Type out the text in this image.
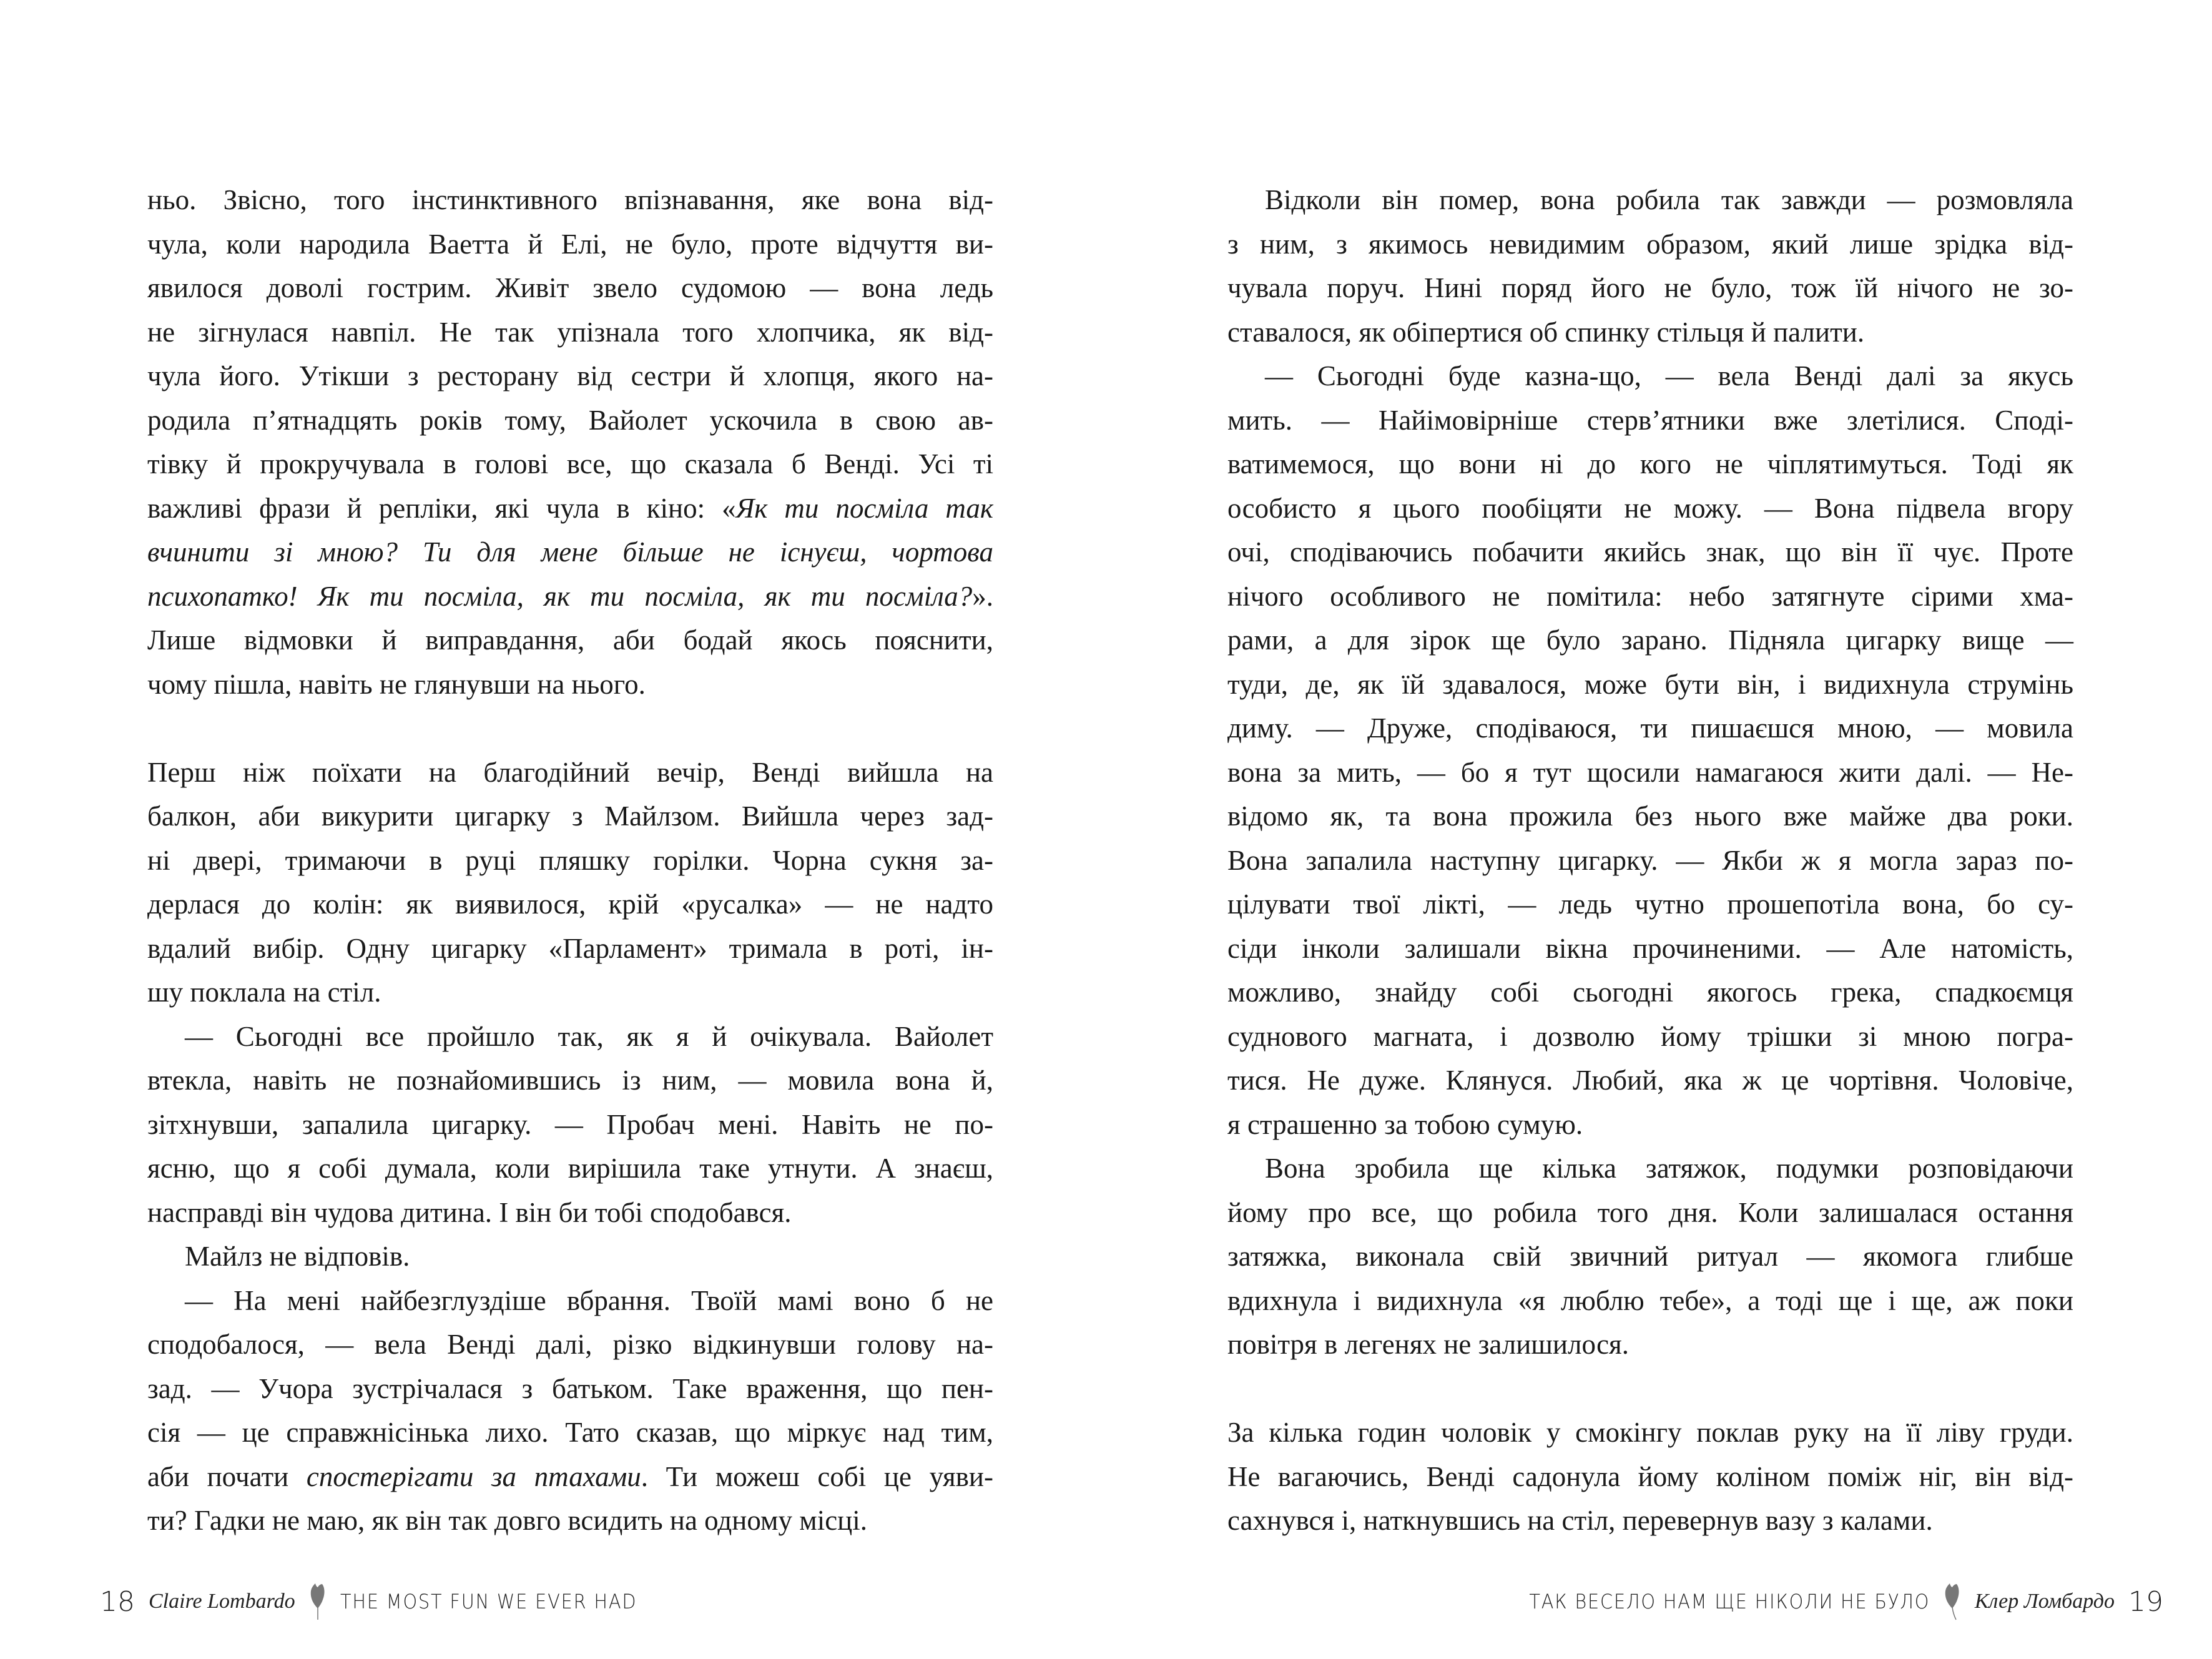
ньо. Звісно, того інстинктивного впізнавання, яке вона від-
чула, коли народила Ваетта й Елі, не було, проте відчуття ви-
явилося доволі гострим. Живіт звело судомою — вона ледь
не зігнулася навпіл. Не так упізнала того хлопчика, як від-
чула його. Утікши з ресторану від сестри й хлопця, якого на-
родила п’ятнадцять років тому, Вайолет ускочила в свою ав-
тівку й прокручувала в голові все, що сказала б Венді. Усі ті
важливі фрази й репліки, які чула в кіно: «Як ти посміла так
вчинити зі мною? Ти для мене більше не існуєш, чортова
психопатко! Як ти посміла, як ти посміла, як ти посміла?».
Лише відмовки й виправдання, аби бодай якось пояснити,
чому пішла, навіть не глянувши на нього.
Перш ніж поїхати на благодійний вечір, Венді вийшла на
балкон, аби викурити цигарку з Майлзом. Вийшла через зад-
ні двері, тримаючи в руці пляшку горілки. Чорна сукня за-
дерлася до колін: як виявилося, крій «русалка» — не надто
вдалий вибір. Одну цигарку «Парламент» тримала в роті, ін-
шу поклала на стіл.
— Сьогодні все пройшло так, як я й очікувала. Вайолет
втекла, навіть не познайомившись із ним, — мовила вона й,
зітхнувши, запалила цигарку. — Пробач мені. Навіть не по-
ясню, що я собі думала, коли вирішила таке утнути. А знаєш,
насправді він чудова дитина. І він би тобі сподобався.
Майлз не відповів.
— На мені найбезглуздіше вбрання. Твоїй мамі воно б не
сподобалося, — вела Венді далі, різко відкинувши голову на-
зад. — Учора зустрічалася з батьком. Таке враження, що пен-
сія — це справжнісінька лихо. Тато сказав, що міркує над тим,
аби почати спостерігати за птахами. Ти можеш собі це уяви-
ти? Гадки не маю, як він так довго всидить на одному місці.
18 Claire Lombardo THE MOST FUN WE EVER HAD
Відколи він помер, вона робила так завжди — розмовляла
з ним, з якимось невидимим образом, який лише зрідка від-
чувала поруч. Нині поряд його не було, тож їй нічого не зо-
ставалося, як обіпертися об спинку стільця й палити.
— Сьогодні буде казна-що, — вела Венді далі за якусь
мить. — Найімовірніше стерв’ятники вже злетілися. Споді-
ватимемося, що вони ні до кого не чіплятимуться. Тоді як
особисто я цього пообіцяти не можу. — Вона підвела вгору
очі, сподіваючись побачити якийсь знак, що він її чує. Проте
нічого особливого не помітила: небо затягнуте сірими хма-
рами, а для зірок ще було зарано. Підняла цигарку вище —
туди, де, як їй здавалося, може бути він, і видихнула струмінь
диму. — Друже, сподіваюся, ти пишаєшся мною, — мовила
вона за мить, — бо я тут щосили намагаюся жити далі. — Не-
відомо як, та вона прожила без нього вже майже два роки.
Вона запалила наступну цигарку. — Якби ж я могла зараз по-
цілувати твої лікті, — ледь чутно прошепотіла вона, бо су-
сіди інколи залишали вікна прочиненими. — Але натомість,
можливо, знайду собі сьогодні якогось грека, спадкоємця
суднового магната, і дозволю йому трішки зі мною погра-
тися. Не дуже. Клянуся. Любий, яка ж це чортівня. Чоловіче,
я страшенно за тобою сумую.
Вона зробила ще кілька затяжок, подумки розповідаючи
йому про все, що робила того дня. Коли залишалася остання
затяжка, виконала свій звичний ритуал — якомога глибше
вдихнула і видихнула «я люблю тебе», а тоді ще і ще, аж поки
повітря в легенях не залишилося.
За кілька годин чоловік у смокінгу поклав руку на її ліву груди.
Не вагаючись, Венді садонула йому коліном поміж ніг, він від-
сахнувся і, наткнувшись на стіл, перевернув вазу з калами.
ТАК ВЕСЕЛО НАМ ЩЕ НІКОЛИ НЕ БУЛО Клер Ломбардо 19
